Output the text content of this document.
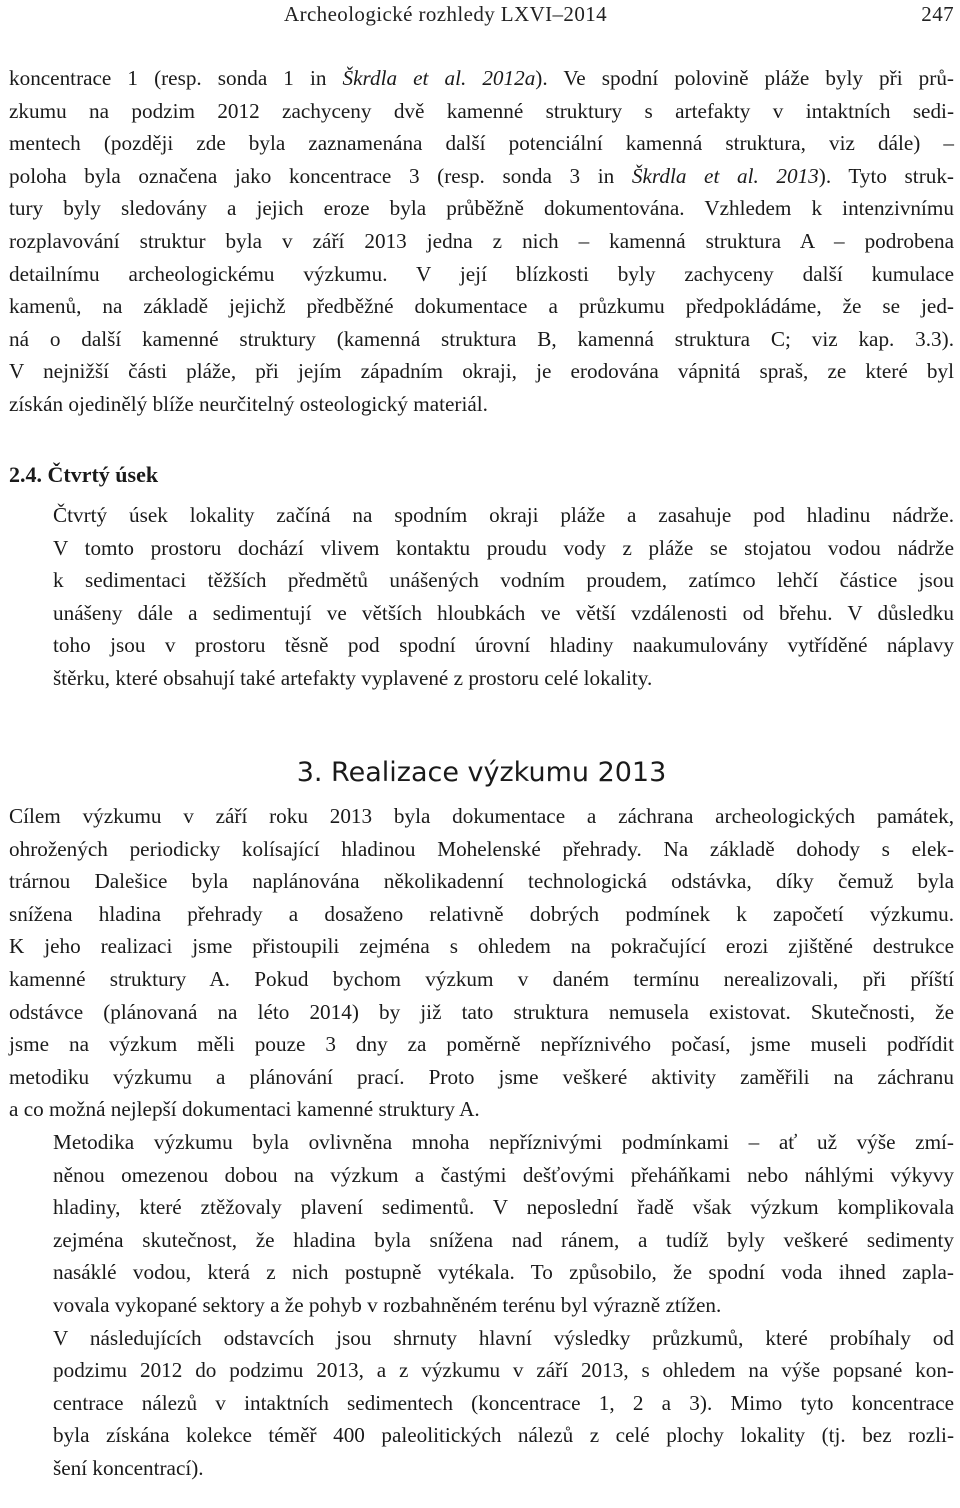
Archeologické rozhledy LXVI–2014	247

koncentrace 1 (resp. sonda 1 in Škrdla et al. 2012a). Ve spodní polovině pláže byly při prů-
zkumu na podzim 2012 zachyceny dvě kamenné struktury s artefakty v intaktních sedi-
mentech (později zde byla zaznamenána další potenciální kamenná struktura, viz dále) –
poloha byla označena jako koncentrace 3 (resp. sonda 3 in Škrdla et al. 2013). Tyto struk-
tury byly sledovány a jejich eroze byla průběžně dokumentována. Vzhledem k intenzivnímu
rozplavování struktur byla v září 2013 jedna z nich – kamenná struktura A – podrobena
detailnímu archeologickému výzkumu. V její blízkosti byly zachyceny další kumulace
kamenů, na základě jejichž předběžné dokumentace a průzkumu předpokládáme, že se jed-
ná o další kamenné struktury (kamenná struktura B, kamenná struktura C; viz kap. 3.3).
V nejnižší části pláže, při jejím západním okraji, je erodována vápnitá spraš, ze které byl
získán ojedinělý blíže neurčitelný osteologický materiál.

2.4. Čtvrtý úsek

Čtvrtý úsek lokality začíná na spodním okraji pláže a zasahuje pod hladinu nádrže.
V tomto prostoru dochází vlivem kontaktu proudu vody z pláže se stojatou vodou nádrže
k sedimentaci těžších předmětů unášených vodním proudem, zatímco lehčí částice jsou
unášeny dále a sedimentují ve větších hloubkách ve větší vzdálenosti od břehu. V důsledku
toho jsou v prostoru těsně pod spodní úrovní hladiny naakumulovány vytříděné náplavy
štěrku, které obsahují také artefakty vyplavené z prostoru celé lokality.

3. Realizace výzkumu 2013

Cílem výzkumu v září roku 2013 byla dokumentace a záchrana archeologických památek,
ohrožených periodicky kolísající hladinou Mohelenské přehrady. Na základě dohody s elek-
trárnou Dalešice byla naplánována několikadenní technologická odstávka, díky čemuž byla
snížena hladina přehrady a dosaženo relativně dobrých podmínek k započetí výzkumu.
K jeho realizaci jsme přistoupili zejména s ohledem na pokračující erozi zjištěné destrukce
kamenné struktury A. Pokud bychom výzkum v daném termínu nerealizovali, při příští
odstávce (plánovaná na léto 2014) by již tato struktura nemusela existovat. Skutečnosti, že
jsme na výzkum měli pouze 3 dny za poměrně nepříznivého počasí, jsme museli podřídit
metodiku výzkumu a plánování prací. Proto jsme veškeré aktivity zaměřili na záchranu
a co možná nejlepší dokumentaci kamenné struktury A.

Metodika výzkumu byla ovlivněna mnoha nepříznivými podmínkami – ať už výše zmí-
něnou omezenou dobou na výzkum a častými dešťovými přeháňkami nebo náhlými výkyvy
hladiny, které ztěžovaly plavení sedimentů. V neposlední řadě však výzkum komplikovala
zejména skutečnost, že hladina byla snížena nad ránem, a tudíž byly veškeré sedimenty
nasáklé vodou, která z nich postupně vytékala. To způsobilo, že spodní voda ihned zapla-
vovala vykopané sektory a že pohyb v rozbahněném terénu byl výrazně ztížen.

V následujících odstavcích jsou shrnuty hlavní výsledky průzkumů, které probíhaly od
podzimu 2012 do podzimu 2013, a z výzkumu v září 2013, s ohledem na výše popsané kon-
centrace nálezů v intaktních sedimentech (koncentrace 1, 2 a 3). Mimo tyto koncentrace
byla získána kolekce téměř 400 paleolitických nálezů z celé plochy lokality (tj. bez rozli-
šení koncentrací).
